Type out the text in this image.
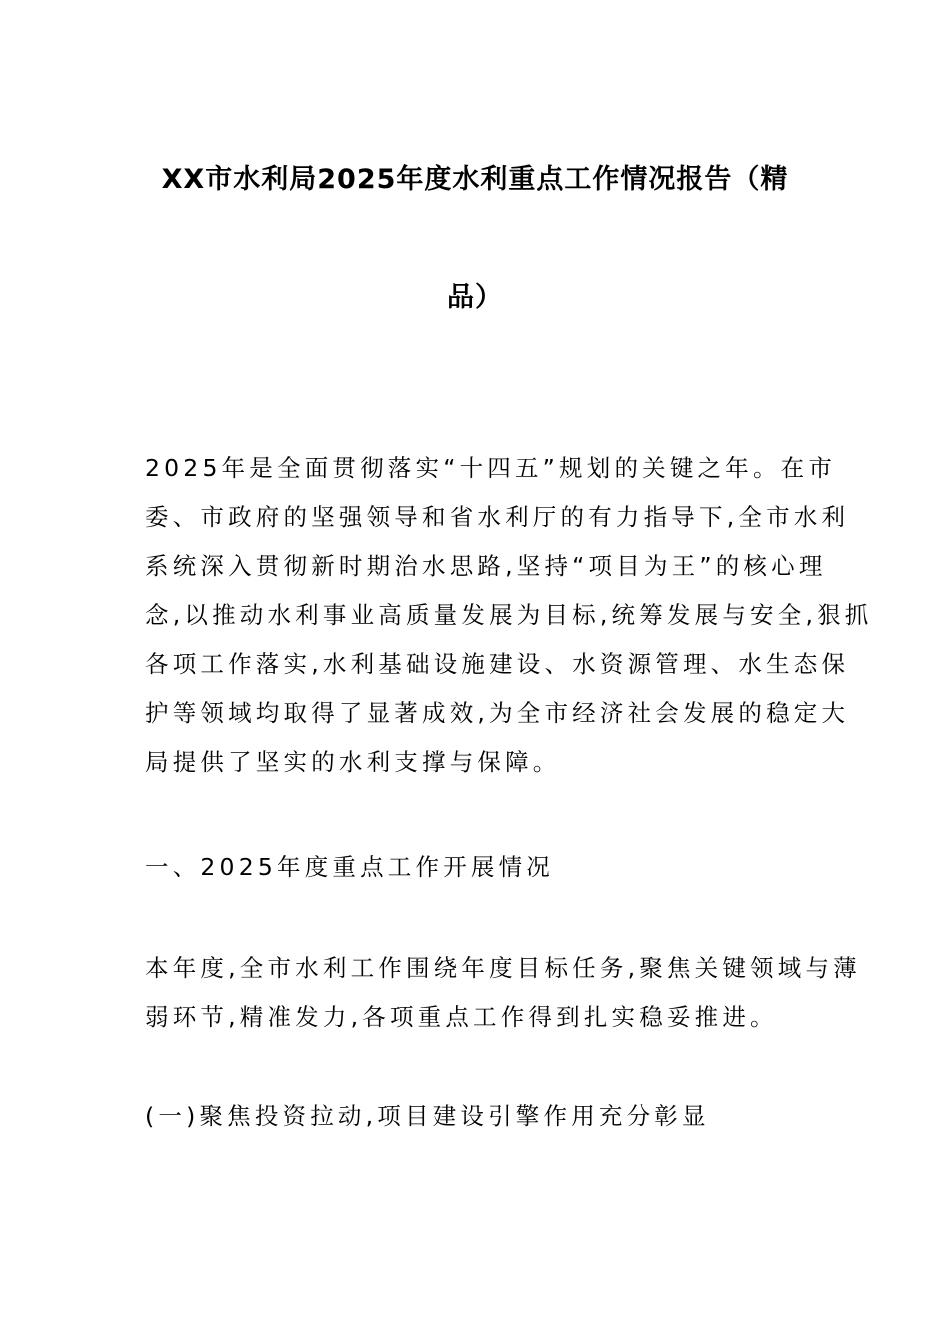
XX市水利局2025年度水利重点工作情况报告（精
品）

2025年是全面贯彻落实“十四五”规划的关键之年。在市
委、市政府的坚强领导和省水利厅的有力指导下,全市水利
系统深入贯彻新时期治水思路,坚持“项目为王”的核心理
念,以推动水利事业高质量发展为目标,统筹发展与安全,狠抓
各项工作落实,水利基础设施建设、水资源管理、水生态保
护等领域均取得了显著成效,为全市经济社会发展的稳定大
局提供了坚实的水利支撑与保障。

一、2025年度重点工作开展情况

本年度,全市水利工作围绕年度目标任务,聚焦关键领域与薄
弱环节,精准发力,各项重点工作得到扎实稳妥推进。

(一)聚焦投资拉动,项目建设引擎作用充分彰显
